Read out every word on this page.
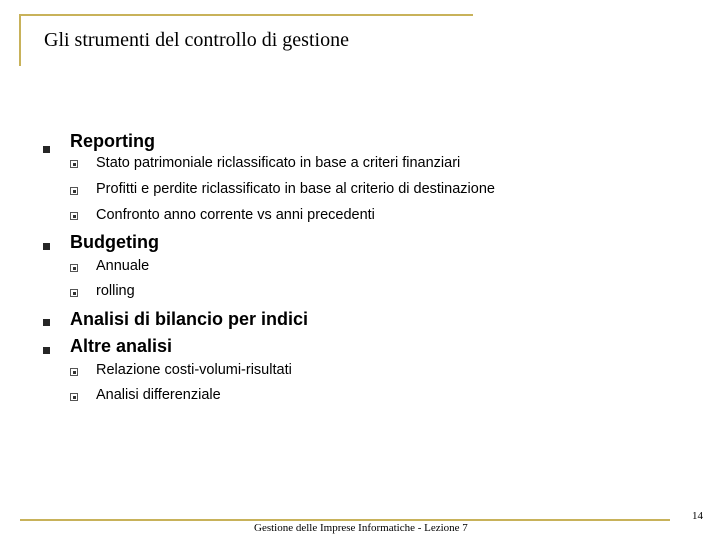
Gli strumenti del controllo di gestione
Reporting
Stato patrimoniale riclassificato in base a criteri finanziari
Profitti e perdite riclassificato in base al criterio di destinazione
Confronto anno corrente vs anni precedenti
Budgeting
Annuale
rolling
Analisi di bilancio per indici
Altre analisi
Relazione costi-volumi-risultati
Analisi differenziale
Gestione delle Imprese Informatiche - Lezione 7
14
